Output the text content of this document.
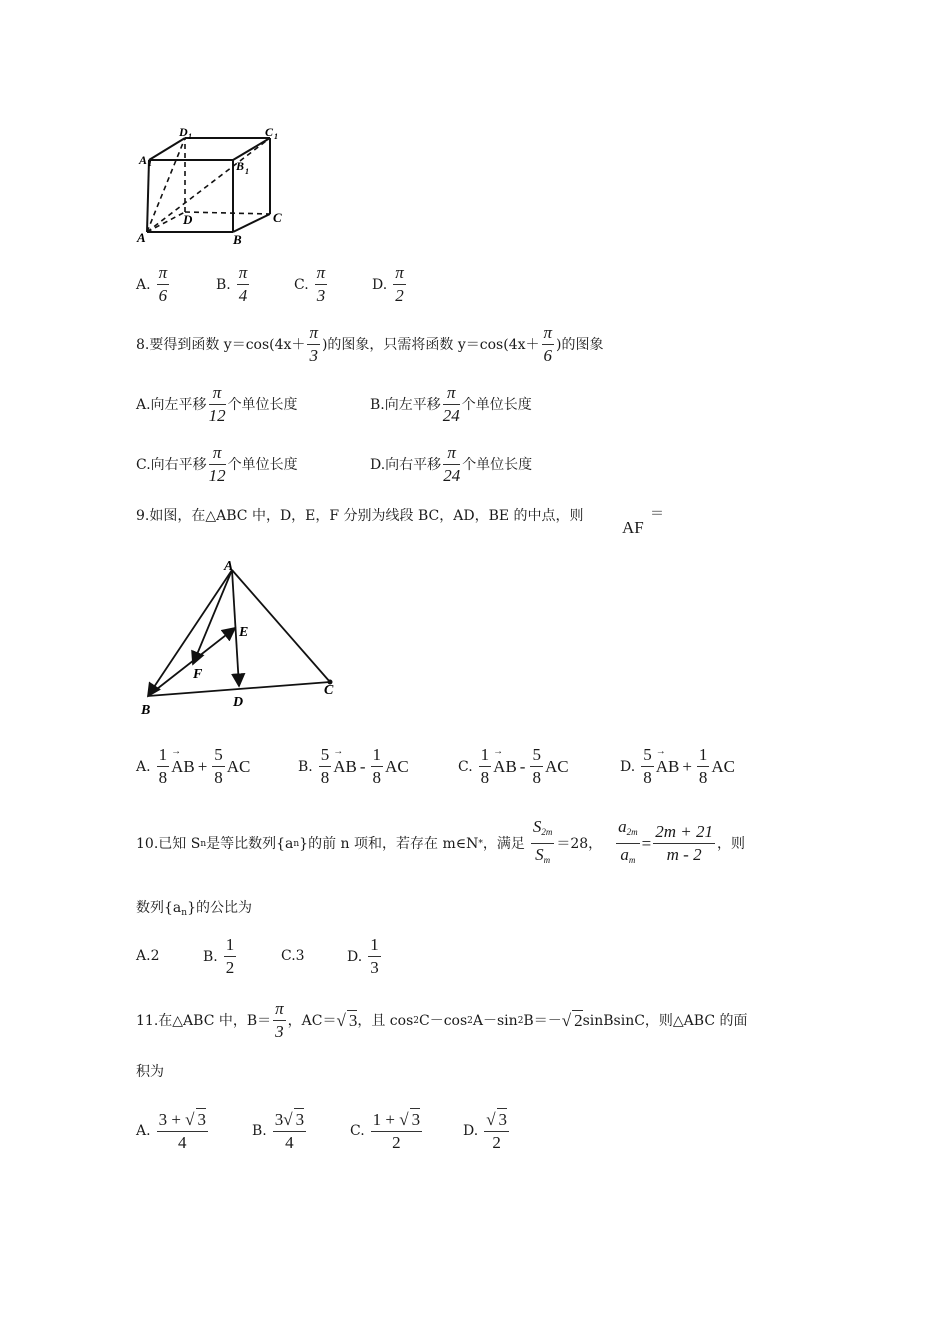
A	B
C
D
A 1	B 1
D 1	C 1
A. $\frac{\pi}{6}$	B. $\frac{\pi}{4}$	C. $\frac{\pi}{3}$	D. $\frac{\pi}{2}$
8.要得到函数 $y=\cos(4x+ \frac{\pi}{3}$ )的图象，只需将函数 $y=\cos(4x+ \frac{\pi}{6}$ )的图象
A.向左平移 $\frac{\pi}{12}$ 个单位长度	B.向左平移 $\frac{\pi}{24}$ 个单位长度
C.向右平移 $\frac{\pi}{12}$ 个单位长度	D.向右平移 $\frac{\pi}{24}$ 个单位长度
9.如图，在△ABC 中，D，E，F 分别为线段 BC，AD，BE 的中点，则
AF
＝
A
B
C
D
E
F
A. $\frac{1}{8}$ → AB + $\frac{5}{8}$ AC	B. $\frac{5}{8}$ → AB - $\frac{1}{8}$ AC	C. $\frac{1}{8}$ → AB - $\frac{5}{8}$ AC	D. $\frac{5}{8}$ → AB + $\frac{1}{8}$ AC
10.已知 S n 是等比数列{a n }的前 n 项和，若存在 m∈N * ，满足 $\frac{S_{2m}}{S_m} =28$， $\frac{a_{2m}}{a_m} = \frac{2m + 21}{m - 2}$ ，则
数列$\{a_n\}$的公比为
A. 2	B. $\frac{1}{2}$	C. 3	D. $\frac{1}{3}$
11.在△ABC 中，$B= \frac{\pi}{3}$ ，AC＝ √ 3 ，且 cos 2 C－cos 2 A－sin 2 B＝－ √ 2 sinBsinC，则△ABC 的面
积为
A. $\frac{3 + √ 3}{4}$	B. $\frac{3√ 3}{4}$	C. $\frac{1 + √ 3}{2}$	D. $\frac{√ 3}{2}$
